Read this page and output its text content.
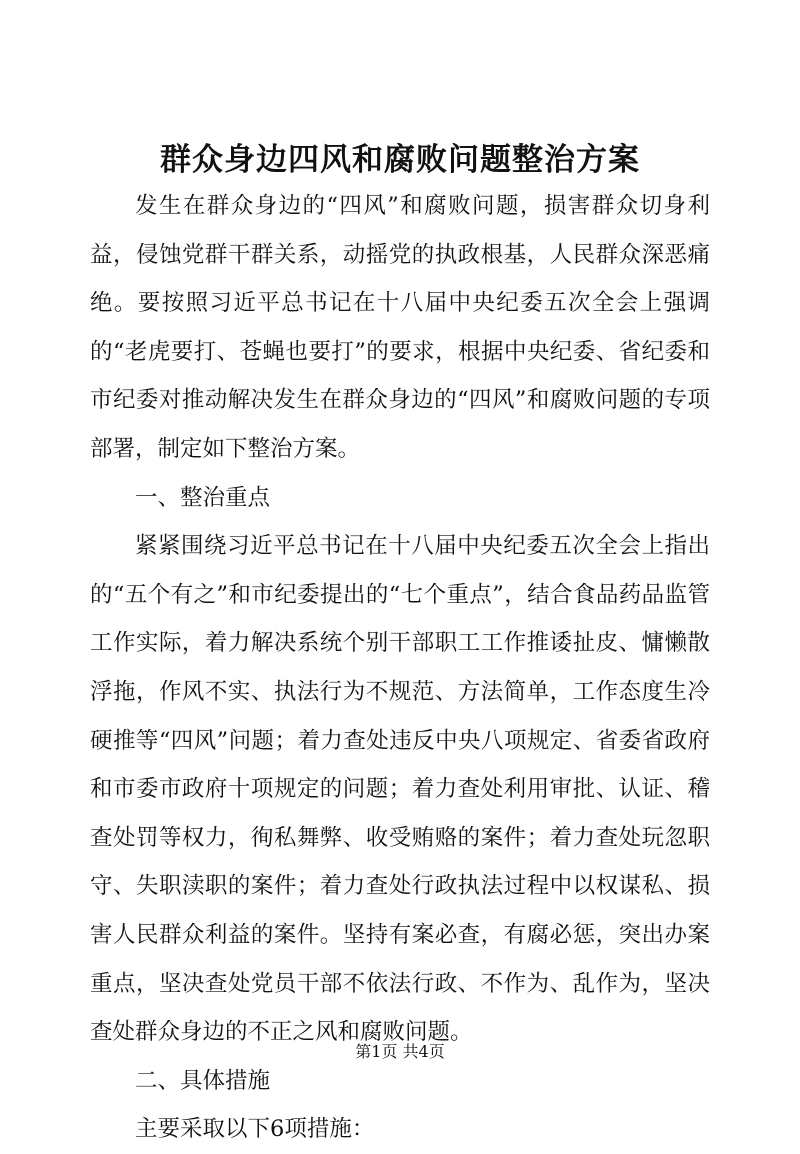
群众身边四风和腐败问题整治方案

发生在群众身边的“四风”和腐败问题，损害群众切身利益，侵蚀党群干群关系，动摇党的执政根基，人民群众深恶痛绝。要按照习近平总书记在十八届中央纪委五次全会上强调的“老虎要打、苍蝇也要打”的要求，根据中央纪委、省纪委和市纪委对推动解决发生在群众身边的“四风”和腐败问题的专项部署，制定如下整治方案。

一、整治重点

紧紧围绕习近平总书记在十八届中央纪委五次全会上指出的“五个有之”和市纪委提出的“七个重点”，结合食品药品监管工作实际，着力解决系统个别干部职工工作推诿扯皮、慵懒散浮拖，作风不实、执法行为不规范、方法简单，工作态度生冷硬推等“四风”问题；着力查处违反中央八项规定、省委省政府和市委市政府十项规定的问题；着力查处利用审批、认证、稽查处罚等权力，徇私舞弊、收受贿赂的案件；着力查处玩忽职守、失职渎职的案件；着力查处行政执法过程中以权谋私、损害人民群众利益的案件。坚持有案必查，有腐必惩，突出办案重点，坚决查处党员干部不依法行政、不作为、乱作为，坚决查处群众身边的不正之风和腐败问题。

二、具体措施

主要采取以下6项措施：

第1页 共4页
